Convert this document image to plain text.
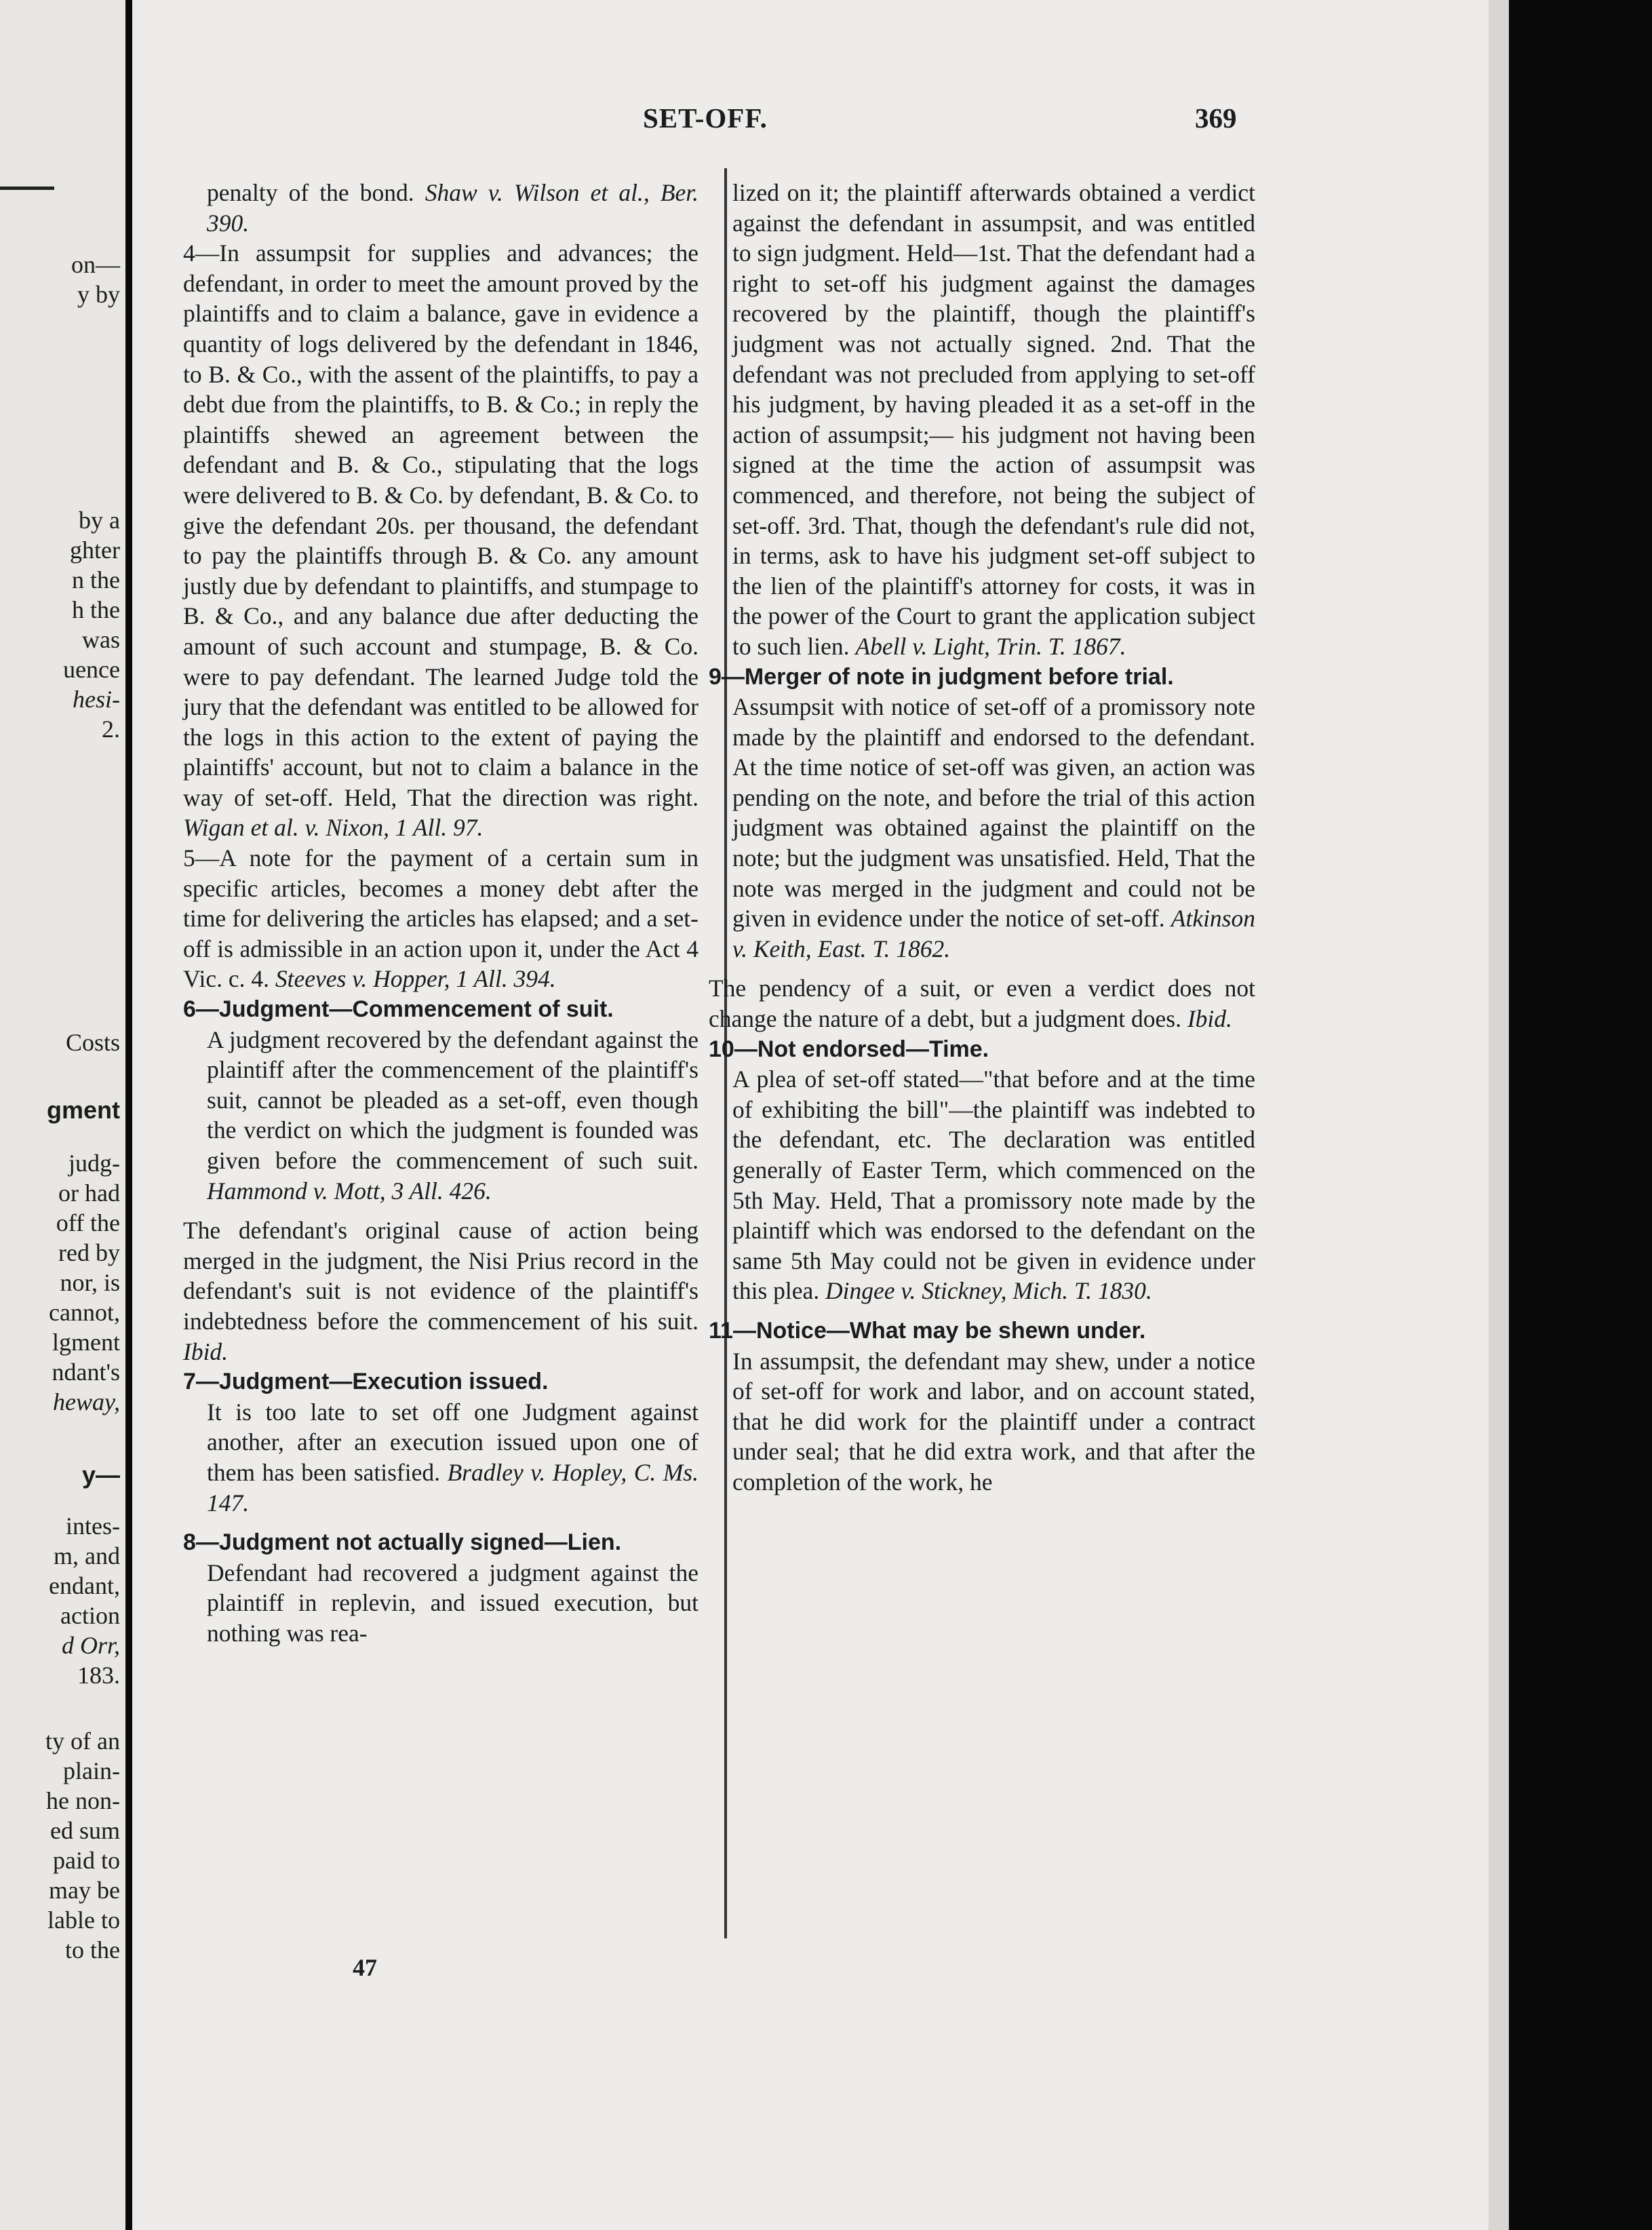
on—
y by
by a
ghter
n the
h the
was
uence
hesi-
2.
Costs
gment
judg-
or had
off the
red by
nor, is
cannot,
lgment
ndant's
heway,
y—
intes-
m, and
endant,
action
d Orr,
183.
ty of an
plain-
he non-
ed sum
paid to
may be
lable to
to the
SET-OFF.	369

penalty of the bond. Shaw v. Wilson et al., Ber. 390.

4—In assumpsit for supplies and advances; the defendant, in order to meet the amount proved by the plaintiffs and to claim a balance, gave in evidence a quantity of logs delivered by the defendant in 1846, to B. & Co., with the assent of the plaintiffs, to pay a debt due from the plaintiffs, to B. & Co.; in reply the plaintiffs shewed an agreement between the defendant and B. & Co., stipulating that the logs were delivered to B. & Co. by defendant, B. & Co. to give the defendant 20s. per thousand, the defendant to pay the plaintiffs through B. & Co. any amount justly due by defendant to plaintiffs, and stumpage to B. & Co., and any balance due after deducting the amount of such account and stumpage, B. & Co. were to pay defendant. The learned Judge told the jury that the defendant was entitled to be allowed for the logs in this action to the extent of paying the plaintiffs' account, but not to claim a balance in the way of set-off. Held, That the direction was right. Wigan et al. v. Nixon, 1 All. 97.

5—A note for the payment of a certain sum in specific articles, becomes a money debt after the time for delivering the articles has elapsed; and a set-off is admissible in an action upon it, under the Act 4 Vic. c. 4. Steeves v. Hopper, 1 All. 394.

6—Judgment—Commencement of suit.

A judgment recovered by the defendant against the plaintiff after the commencement of the plaintiff's suit, cannot be pleaded as a set-off, even though the verdict on which the judgment is founded was given before the commencement of such suit. Hammond v. Mott, 3 All. 426.

The defendant's original cause of action being merged in the judgment, the Nisi Prius record in the defendant's suit is not evidence of the plaintiff's indebtedness before the commencement of his suit. Ibid.

7—Judgment—Execution issued.

It is too late to set off one Judgment against another, after an execution issued upon one of them has been satisfied. Bradley v. Hopley, C. Ms. 147.

8—Judgment not actually signed—Lien.

Defendant had recovered a judgment against the plaintiff in replevin, and issued execution, but nothing was rea-

lized on it; the plaintiff afterwards obtained a verdict against the defendant in assumpsit, and was entitled to sign judgment. Held—1st. That the defendant had a right to set-off his judgment against the damages recovered by the plaintiff, though the plaintiff's judgment was not actually signed. 2nd. That the defendant was not precluded from applying to set-off his judgment, by having pleaded it as a set-off in the action of assumpsit;— his judgment not having been signed at the time the action of assumpsit was commenced, and therefore, not being the subject of set-off. 3rd. That, though the defendant's rule did not, in terms, ask to have his judgment set-off subject to the lien of the plaintiff's attorney for costs, it was in the power of the Court to grant the application subject to such lien. Abell v. Light, Trin. T. 1867.

9—Merger of note in judgment before trial.

Assumpsit with notice of set-off of a promissory note made by the plaintiff and endorsed to the defendant. At the time notice of set-off was given, an action was pending on the note, and before the trial of this action judgment was obtained against the plaintiff on the note; but the judgment was unsatisfied. Held, That the note was merged in the judgment and could not be given in evidence under the notice of set-off. Atkinson v. Keith, East. T. 1862.

The pendency of a suit, or even a verdict does not change the nature of a debt, but a judgment does. Ibid.

10—Not endorsed—Time.

A plea of set-off stated—"that before and at the time of exhibiting the bill"—the plaintiff was indebted to the defendant, etc. The declaration was entitled generally of Easter Term, which commenced on the 5th May. Held, That a promissory note made by the plaintiff which was endorsed to the defendant on the same 5th May could not be given in evidence under this plea. Dingee v. Stickney, Mich. T. 1830.

11—Notice—What may be shewn under.

In assumpsit, the defendant may shew, under a notice of set-off for work and labor, and on account stated, that he did work for the plaintiff under a contract under seal; that he did extra work, and that after the completion of the work, he

47
